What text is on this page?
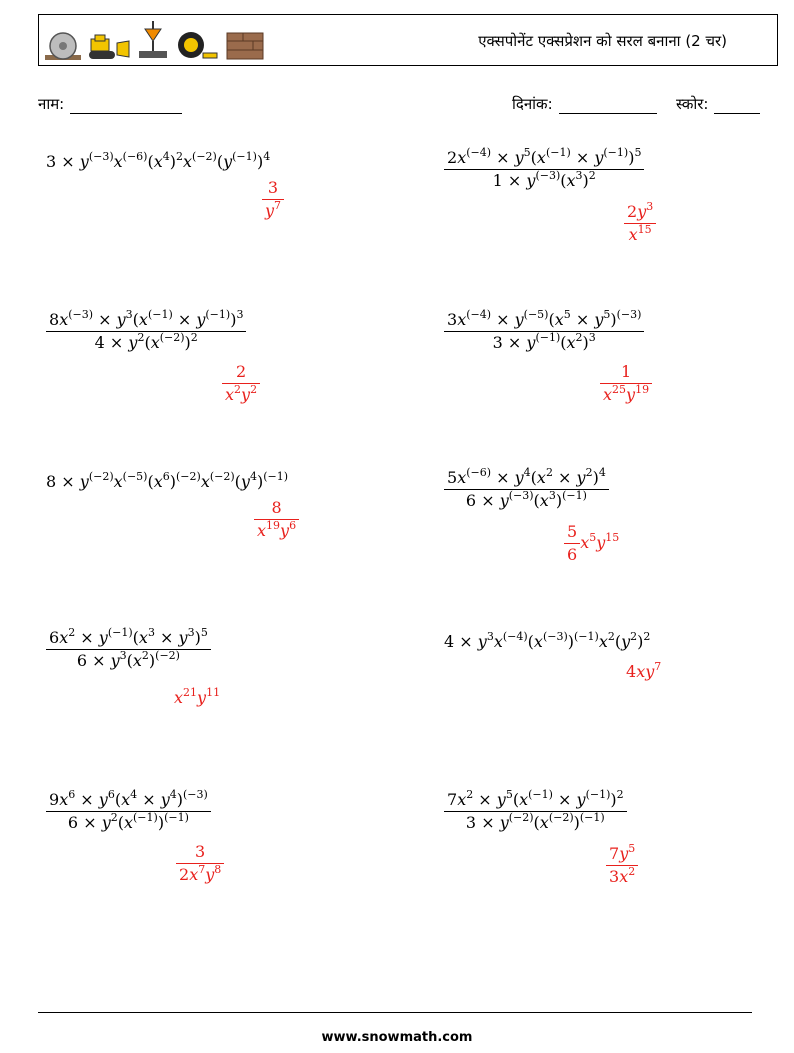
एक्सपोनेंट एक्सप्रेशन को सरल बनाना (2 चर)
नाम:	दिनांक:	स्कोर:
$3 \times y^{(-3)}x^{(-6)}(x^4)^2x^{(-2)}(y^{(-1)})^4$
$\frac{3}{y^7}$
$\frac{2x^{(-4)} \times y^5(x^{(-1)} \times y^{(-1)})^5}{1 \times y^{(-3)}(x^3)^2}$
$\frac{2y^3}{x^{15}}$
$\frac{8x^{(-3)} \times y^3(x^{(-1)} \times y^{(-1)})^3}{4 \times y^2(x^{(-2)})^2}$
$\frac{2}{x^2y^2}$
$\frac{3x^{(-4)} \times y^{(-5)}(x^5 \times y^5)^{(-3)}}{3 \times y^{(-1)}(x^2)^3}$
$\frac{1}{x^{25}y^{19}}$
$8 \times y^{(-2)}x^{(-5)}(x^6)^{(-2)}x^{(-2)}(y^4)^{(-1)}$
$\frac{8}{x^{19}y^6}$
$\frac{5x^{(-6)} \times y^4(x^2 \times y^2)^4}{6 \times y^{(-3)}(x^3)^{(-1)}}$
$\frac{5}{6} x^5y^{15}$
$\frac{6x^2 \times y^{(-1)}(x^3 \times y^3)^5}{6 \times y^3(x^2)^{(-2)}}$
$x^{21}y^{11}$
$4 \times y^3x^{(-4)}(x^{(-3)})^{(-1)}x^2(y^2)^2$
$4xy^7$
$\frac{9x^6 \times y^6(x^4 \times y^4)^{(-3)}}{6 \times y^2(x^{(-1)})^{(-1)}}$
$\frac{3}{2x^7y^8}$
$\frac{7x^2 \times y^5(x^{(-1)} \times y^{(-1)})^2}{3 \times y^{(-2)}(x^{(-2)})^{(-1)}}$
$\frac{7y^5}{3x^2}$
www.snowmath.com
